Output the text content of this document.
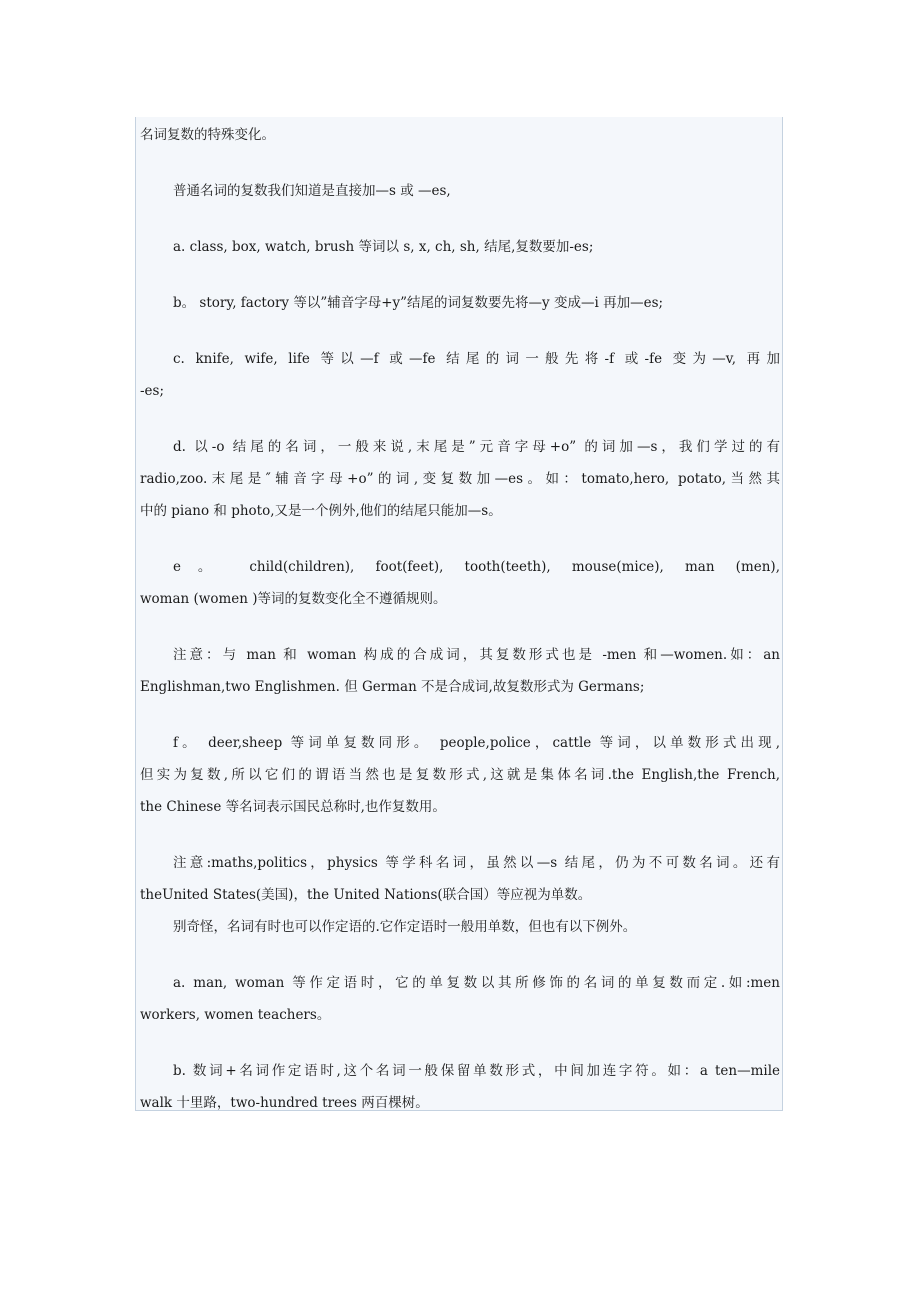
名词复数的特殊变化。
普通名词的复数我们知道是直接加—s 或 —es,
a. class, box, watch, brush 等词以 s, x, ch, sh, 结尾,复数要加-es;
b。 story, factory 等以”辅音字母+y”结尾的词复数要先将—y 变成—i 再加—es;
c. knife, wife, life 等以—f 或—fe 结尾的词一般先将-f 或-fe 变为—v, 再加
-es;
d. 以-o 结尾的名词，一般来说,末尾是”元音字母+o” 的词加—s，我们学过的有
radio,zoo.末尾是″辅音字母+o”的词,变复数加—es。如：tomato,hero, potato,当然其
中的 piano 和 photo,又是一个例外,他们的结尾只能加—s。
e。 child(children), foot(feet), tooth(teeth), mouse(mice), man (men),
woman (women )等词的复数变化全不遵循规则。
注意：与 man 和 woman 构成的合成词，其复数形式也是 -men 和—women.如：an
Englishman,two Englishmen. 但 German 不是合成词,故复数形式为 Germans;
f。 deer,sheep 等词单复数同形。 people,police，cattle 等词，以单数形式出现,
但实为复数,所以它们的谓语当然也是复数形式,这就是集体名词.the English,the French,
the Chinese 等名词表示国民总称时,也作复数用。
注意:maths,politics，physics 等学科名词，虽然以—s 结尾，仍为不可数名词。还有
theUnited States(美国)，the United Nations(联合国）等应视为单数。
别奇怪，名词有时也可以作定语的.它作定语时一般用单数，但也有以下例外。
a. man, woman 等作定语时，它的单复数以其所修饰的名词的单复数而定.如:men
workers, women teachers。
b. 数词+名词作定语时,这个名词一般保留单数形式，中间加连字符。如：a ten—mile
walk 十里路，two-hundred trees 两百棵树。
